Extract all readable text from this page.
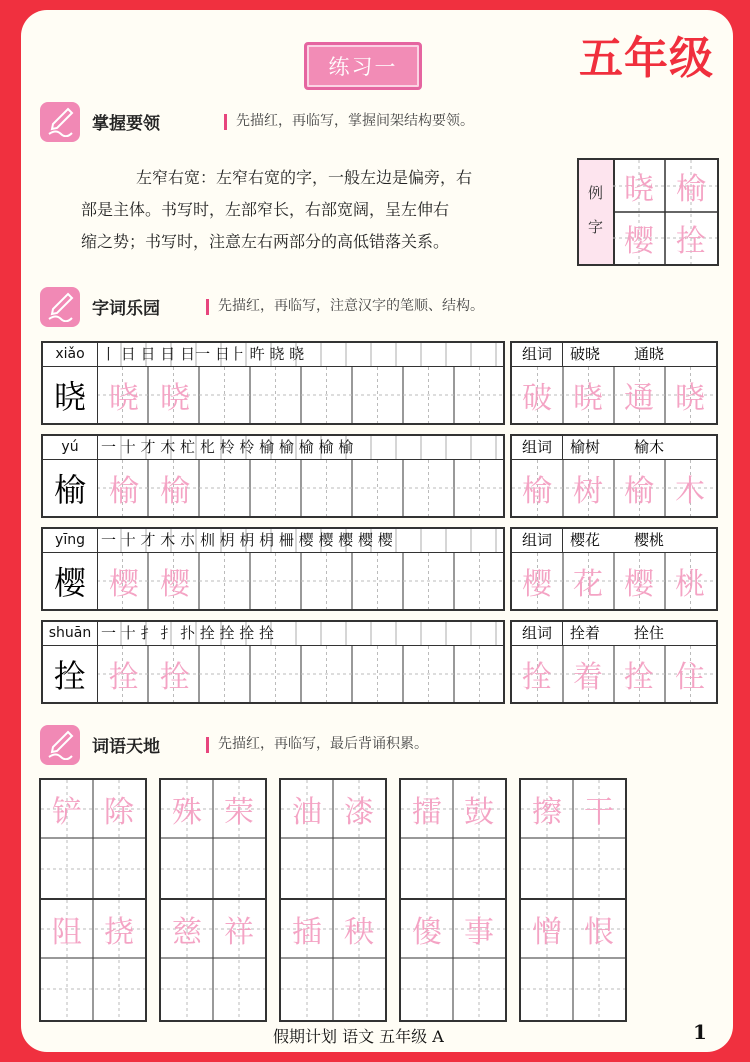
五年级
练习一
掌握要领	先描红，再临写，掌握间架结构要领。

左窄右宽：左窄右宽的字，一般左边是偏旁，右

部是主体。书写时，左部窄长，右部宽阔，呈左伸右

缩之势；书写时，注意左右两部分的高低错落关系。

例
字
晓 榆
樱 拴
字词乐园	先描红，再临写，注意汉字的笔顺、结构。
xiǎo	丨 日 日 日 日一 日⺊ 旿 晓 晓
晓 晓 晓
组词	破晓 通晓
破 晓 通 晓
yú	一 十 才 木 杧 朼 柃 柃 榆 榆 榆 榆 榆
榆 榆 榆
组词	榆树 榆木
榆 树 榆 木
yīng	一 十 才 木 朩 杊 枂 枂 枂 柵 樱 樱 樱 樱 樱
樱 樱 樱
组词	樱花 樱桃
樱 花 樱 桃
shuān 一 十 扌 扌 扑 拴 拴 拴 拴
拴 拴 拴
组词	拴着 拴住
拴 着 拴 住
词语天地	先描红，再临写，最后背诵积累。
铲 除	殊 荣	油 漆	擂 鼓	擦 干
阻 挠	慈 祥	插 秧	傻 事	憎 恨
假期计划 语文 五年级 A	1
